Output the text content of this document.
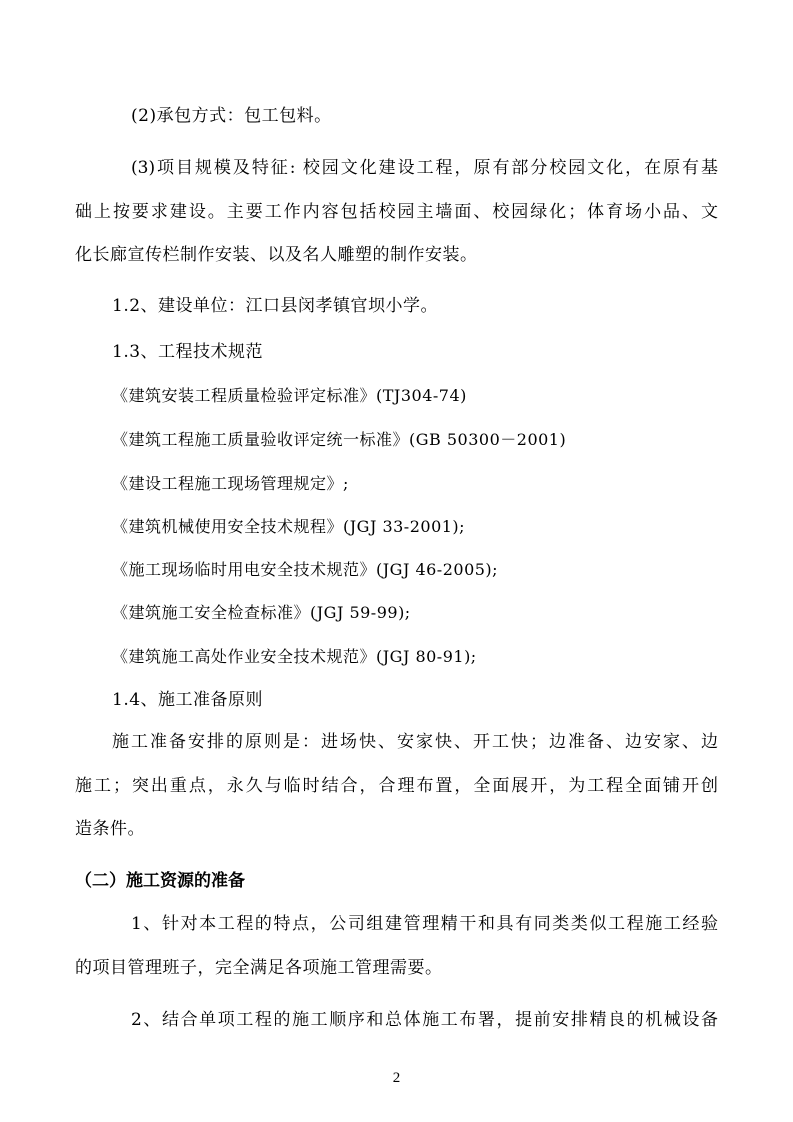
(2)承包方式：包工包料。
(3)项目规模及特征: 校园文化建设工程，原有部分校园文化，在原有基
础上按要求建设。主要工作内容包括校园主墙面、校园绿化；体育场小品、文
化长廊宣传栏制作安装、以及名人雕塑的制作安装。
1.2、建设单位：江口县闵孝镇官坝小学。
1.3、工程技术规范
《建筑安装工程质量检验评定标准》(TJ304-74)
《建筑工程施工质量验收评定统一标准》(GB 50300－2001)
《建设工程施工现场管理规定》;
《建筑机械使用安全技术规程》(JGJ 33-2001);
《施工现场临时用电安全技术规范》(JGJ 46-2005);
《建筑施工安全检查标准》(JGJ 59-99);
《建筑施工高处作业安全技术规范》(JGJ 80-91);
1.4、施工准备原则
施工准备安排的原则是：进场快、安家快、开工快；边准备、边安家、边
施工；突出重点，永久与临时结合，合理布置，全面展开，为工程全面铺开创
造条件。
（二）施工资源的准备
1、针对本工程的特点，公司组建管理精干和具有同类类似工程施工经验
的项目管理班子，完全满足各项施工管理需要。
2、结合单项工程的施工顺序和总体施工布署，提前安排精良的机械设备
2
